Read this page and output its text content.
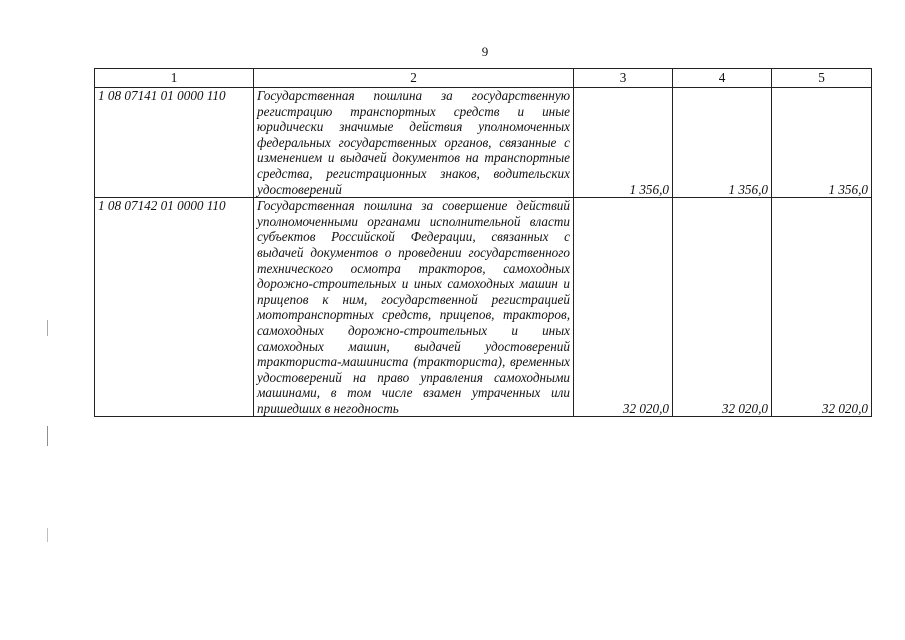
9
1	2	3	4	5
1 08 07141 01 0000 110	Государственная пошлина за государственную регистрацию транспортных средств и иные юридически значимые действия уполномоченных федеральных государственных органов, связанные с изменением и выдачей документов на транспортные средства, регистрационных знаков, водительских удостоверений	1 356,0	1 356,0	1 356,0
1 08 07142 01 0000 110	Государственная пошлина за совершение действий уполномоченными органами исполнительной власти субъектов Российской Федерации, связанных с выдачей документов о проведении государственного технического осмотра тракторов, самоходных дорожно-строительных и иных самоходных машин и прицепов к ним, государственной регистрацией мототранспортных средств, прицепов, тракторов, самоходных дорожно-строительных и иных самоходных машин, выдачей удостоверений тракториста-машиниста (тракториста), временных удостоверений на право управления самоходными машинами, в том числе взамен утраченных или пришедших в негодность	32 020,0	32 020,0	32 020,0
